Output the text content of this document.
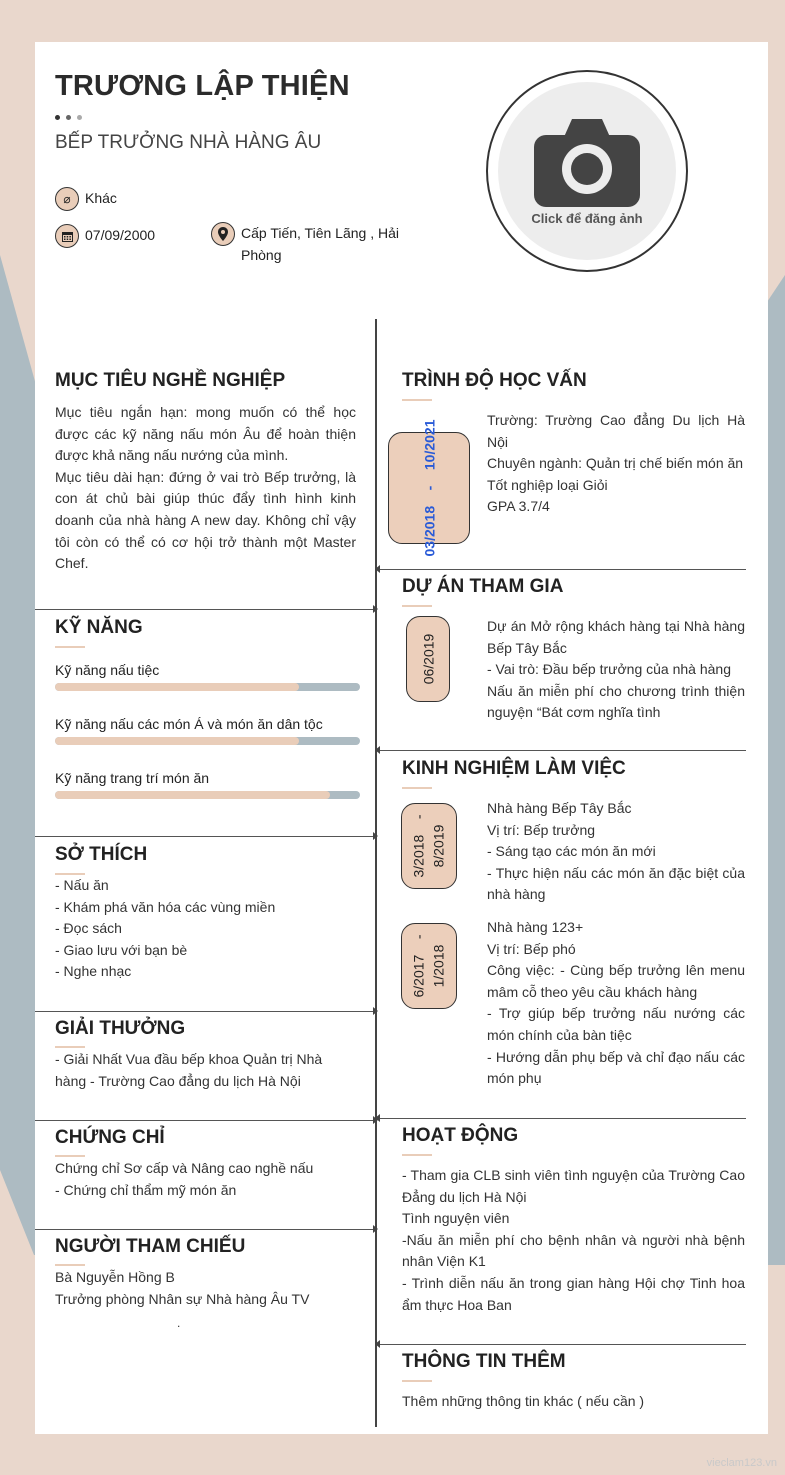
TRƯƠNG LẬP THIỆN
BẾP TRƯỞNG NHÀ HÀNG ÂU
⌀	Khác
07/09/2000	Cấp Tiến, Tiên Lãng , Hải Phòng
Click để đăng ảnh
MỤC TIÊU NGHỀ NGHIỆP
Mục tiêu ngắn hạn: mong muốn có thể học được các kỹ năng nấu món Âu để hoàn thiện được khả năng nấu nướng của mình.
Mục tiêu dài hạn: đứng ở vai trò Bếp trưởng, là con át chủ bài giúp thúc đẩy tình hình kinh doanh của nhà hàng A new day. Không chỉ vậy tôi còn có thể có cơ hội trở thành một Master Chef.
KỸ NĂNG
Kỹ năng nấu tiệc
Kỹ năng nấu các món Á và món ăn dân tộc
Kỹ năng trang trí món ăn
SỞ THÍCH
- Nấu ăn
- Khám phá văn hóa các vùng miền
- Đọc sách
- Giao lưu với bạn bè
- Nghe nhạc
GIẢI THƯỞNG
- Giải Nhất Vua đầu bếp khoa Quản trị Nhà hàng - Trường Cao đẳng du lịch Hà Nội
CHỨNG CHỈ
Chứng chỉ Sơ cấp và Nâng cao nghề nấu
- Chứng chỉ thẩm mỹ món ăn
NGƯỜI THAM CHIẾU
Bà Nguyễn Hồng B
Trưởng phòng Nhân sự Nhà hàng Âu TV
.
TRÌNH ĐỘ HỌC VẤN
03/2018    -    10/2021	Trường: Trường Cao đẳng Du lịch Hà Nội
Chuyên ngành: Quản trị chế biến món ăn
Tốt nghiệp loại Giỏi
GPA 3.7/4
DỰ ÁN THAM GIA
06/2019
Dự án Mở rộng khách hàng tại Nhà hàng Bếp Tây Bắc
- Vai trò: Đầu bếp trưởng của nhà hàng
Nấu ăn miễn phí cho chương trình thiện nguyện “Bát cơm nghĩa tình
KINH NGHIỆM LÀM VIỆC
3/2018    -
8/2019
Nhà hàng Bếp Tây Bắc
Vị trí: Bếp trưởng
- Sáng tạo các món ăn mới
- Thực hiện nấu các món ăn đặc biệt của nhà hàng
6/2017    -
1/2018
Nhà hàng 123+
Vị trí: Bếp phó
Công việc: - Cùng bếp trưởng lên menu mâm cỗ theo yêu cầu khách hàng
- Trợ giúp bếp trưởng nấu nướng các món chính của bàn tiệc
- Hướng dẫn phụ bếp và chỉ đạo nấu các món phụ
HOẠT ĐỘNG
- Tham gia CLB sinh viên tình nguyện của Trường Cao Đẳng du lịch Hà Nội
Tình nguyện viên
-Nấu ăn miễn phí cho bệnh nhân và người nhà bệnh nhân Viện K1
- Trình diễn nấu ăn trong gian hàng Hội chợ Tinh hoa ẩm thực Hoa Ban
THÔNG TIN THÊM
Thêm những thông tin khác ( nếu cần )
vieclam123.vn
